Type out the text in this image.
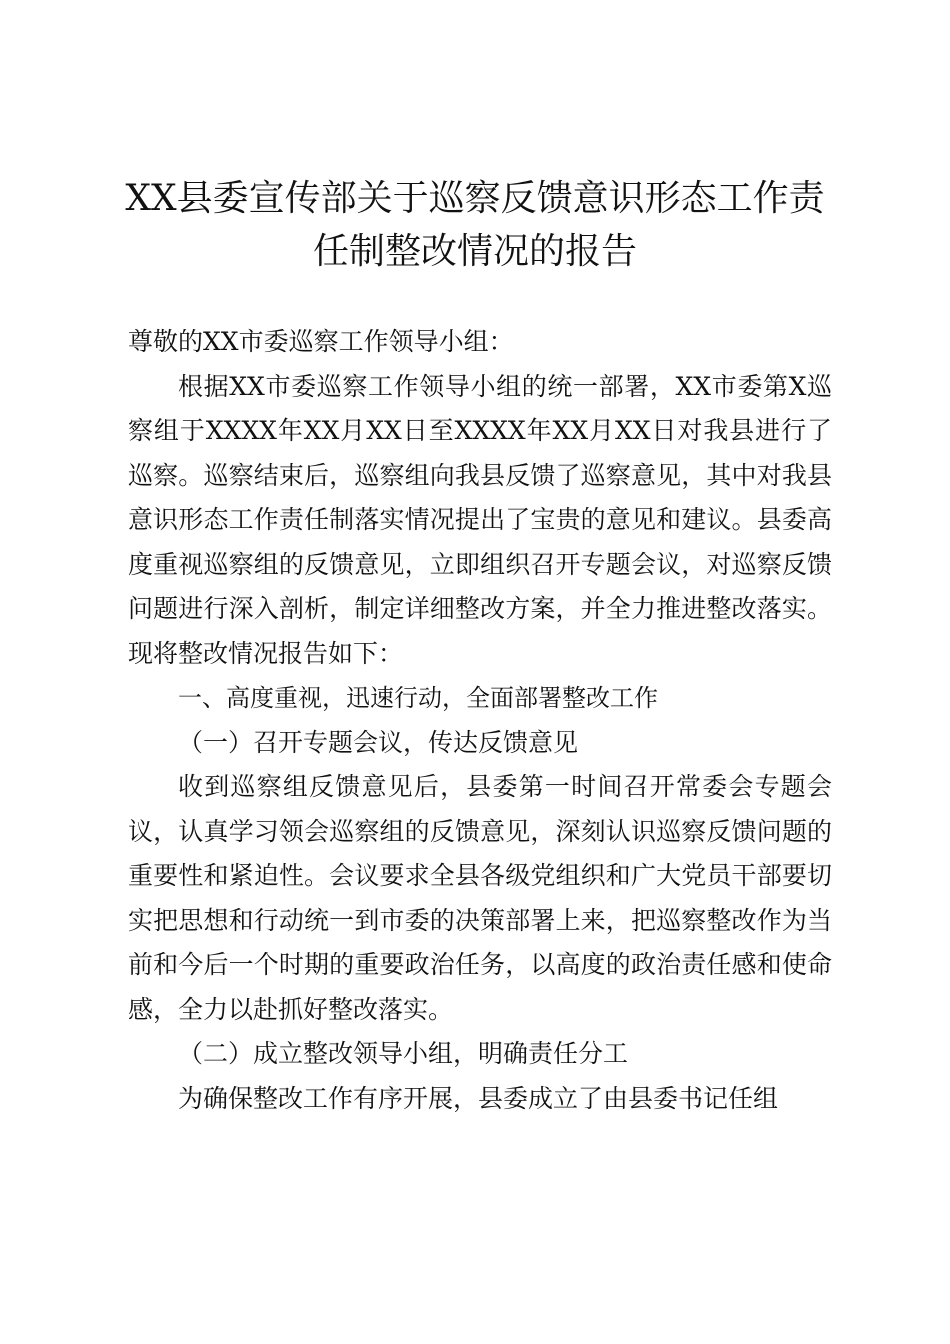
XX县委宣传部关于巡察反馈意识形态工作责任制整改情况的报告

尊敬的XX市委巡察工作领导小组：

根据XX市委巡察工作领导小组的统一部署，XX市委第X巡察组于XXXX年XX月XX日至XXXX年XX月XX日对我县进行了巡察。巡察结束后，巡察组向我县反馈了巡察意见，其中对我县意识形态工作责任制落实情况提出了宝贵的意见和建议。县委高度重视巡察组的反馈意见，立即组织召开专题会议，对巡察反馈问题进行深入剖析，制定详细整改方案，并全力推进整改落实。现将整改情况报告如下：

一、高度重视，迅速行动，全面部署整改工作

（一）召开专题会议，传达反馈意见

收到巡察组反馈意见后，县委第一时间召开常委会专题会议，认真学习领会巡察组的反馈意见，深刻认识巡察反馈问题的重要性和紧迫性。会议要求全县各级党组织和广大党员干部要切实把思想和行动统一到市委的决策部署上来，把巡察整改作为当前和今后一个时期的重要政治任务，以高度的政治责任感和使命感，全力以赴抓好整改落实。

（二）成立整改领导小组，明确责任分工

为确保整改工作有序开展，县委成立了由县委书记任组
